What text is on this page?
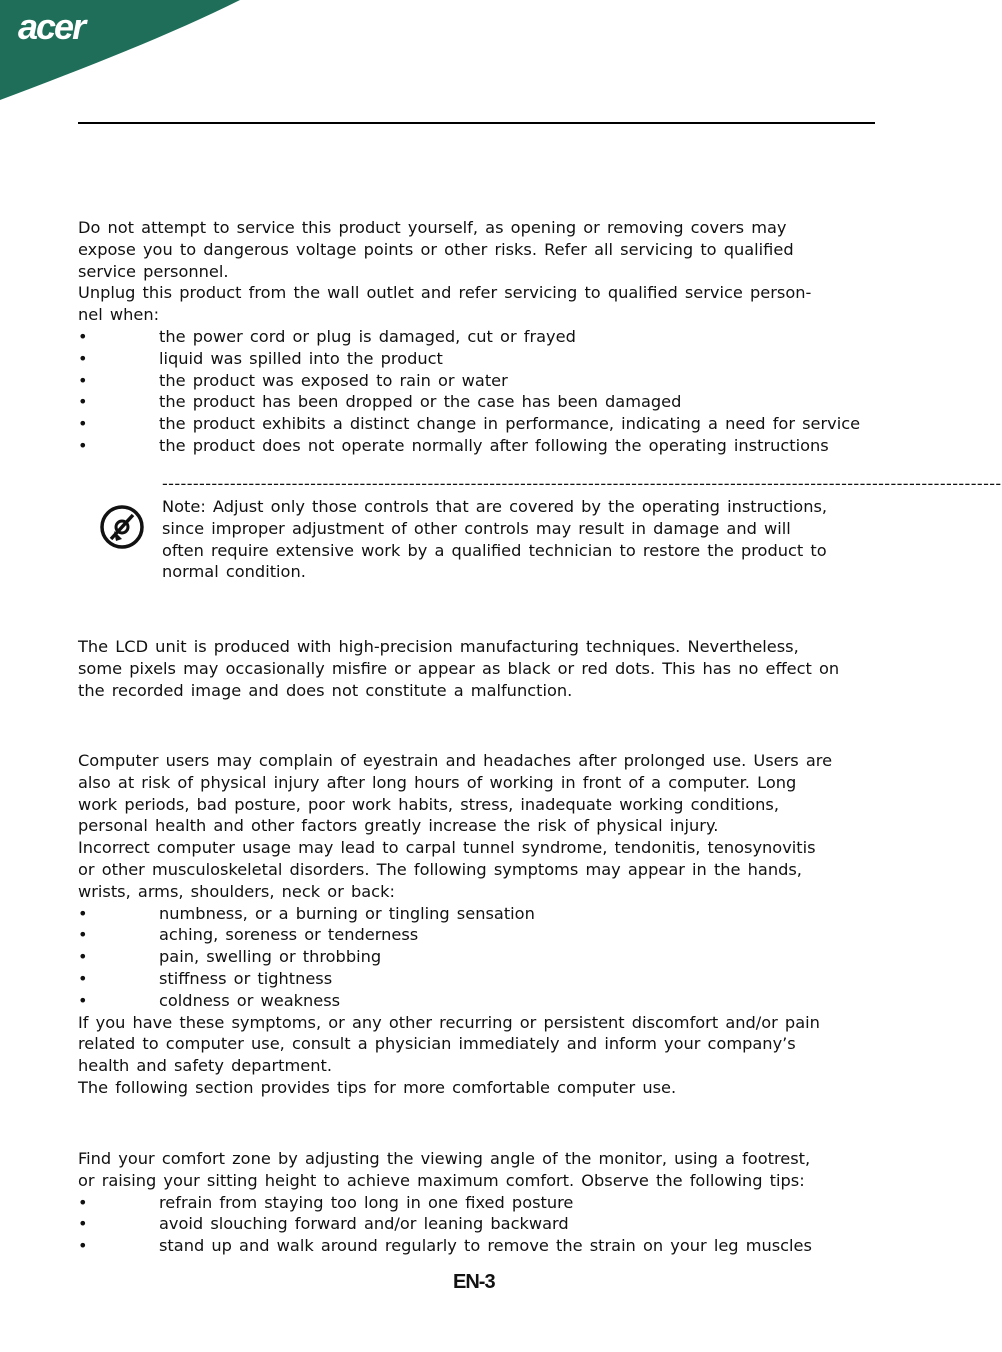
acer

Do not attempt to service this product yourself, as opening or removing covers may

expose you to dangerous voltage points or other risks. Refer all servicing to qualified

service personnel.

Unplug this product from the wall outlet and refer servicing to qualified service person-

nel when:

•	the power cord or plug is damaged, cut or frayed
•	liquid was spilled into the product
•	the product was exposed to rain or water
•	the product has been dropped or the case has been damaged
•	the product exhibits a distinct change in performance, indicating a need for service
•	the product does not operate normally after following the operating instructions
----------------------------------------------------------------------------------------------------------------------------------------

Note: Adjust only those controls that are covered by the operating instructions,

since improper adjustment of other controls may result in damage and will

often require extensive work by a qualified technician to restore the product to

normal condition.

The LCD unit is produced with high-precision manufacturing techniques. Nevertheless,

some pixels may occasionally misfire or appear as black or red dots. This has no effect on

the recorded image and does not constitute a malfunction.

Computer users may complain of eyestrain and headaches after prolonged use. Users are

also at risk of physical injury after long hours of working in front of a computer. Long

work periods, bad posture, poor work habits, stress, inadequate working conditions,

personal health and other factors greatly increase the risk of physical injury.

Incorrect computer usage may lead to carpal tunnel syndrome, tendonitis, tenosynovitis

or other musculoskeletal disorders. The following symptoms may appear in the hands,

wrists, arms, shoulders, neck or back:

•	numbness, or a burning or tingling sensation
•	aching, soreness or tenderness
•	pain, swelling or throbbing
•	stiffness or tightness
•	coldness or weakness

If you have these symptoms, or any other recurring or persistent discomfort and/or pain

related to computer use, consult a physician immediately and inform your company’s

health and safety department.

The following section provides tips for more comfortable computer use.

Find your comfort zone by adjusting the viewing angle of the monitor, using a footrest,

or raising your sitting height to achieve maximum comfort. Observe the following tips:

•	refrain from staying too long in one fixed posture
•	avoid slouching forward and/or leaning backward
•	stand up and walk around regularly to remove the strain on your leg muscles
EN-3
